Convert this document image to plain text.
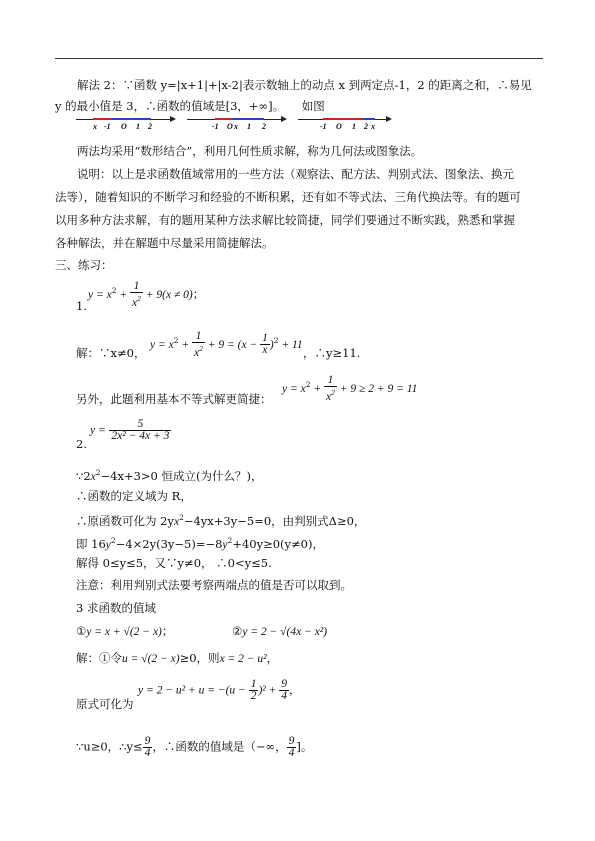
解法 2：∵函数 y=|x+1|+|x-2|表示数轴上的动点 x 到两定点-1，2 的距离之和，∴易见
y 的最小值是 3，∴函数的值域是[3，+∞]。 如图
x -1 O 1 2	-1 O x 1 2	-1 O 1 2 x
两法均采用“数形结合”，利用几何性质求解，称为几何法或图象法。
说明：以上是求函数值域常用的一些方法（观察法、配方法、判别式法、图象法、换元
法等），随着知识的不断学习和经验的不断积累，还有如不等式法、三角代换法等。有的题可
以用多种方法求解，有的题用某种方法求解比较简捷，同学们要通过不断实践，熟悉和掌握
各种解法，并在解题中尽量采用简捷解法。
三、练习：
$y = x^2 + \frac{1}{x^2} + 9(x \ne 0)$；
1.
解：∵x≠0，
$y = x^2 + \frac{1}{x^2} + 9 = (x - \frac{1}{x} )^2 + 11$
，∴y≥11.
另外，此题利用基本不等式解更简捷：
$y = x^2 + \frac{1}{x^2} + 9 \ge 2 + 9 = 11$
$y = \frac{5}{\text{2x² − 4x + 3}}$
2.
$\because 2x^2-4x+3>0$ 恒成立(为什么？)，
∴函数的定义域为 R，
∴原函数可化为 $2yx^2-4yx+3y-5=0$，由判别式Δ≥0，
即 $16y^2-4\times 2y(3y-5)=-8y^2+40y\ge 0(y\ne 0)$，
解得 0≤y≤5，又∵y≠0， ∴0<y≤5.
注意：利用判别式法要考察两端点的值是否可以取到。
3 求函数的值域
①y = x + √(2 − x)；	②y = 2 − √(4x − x²)
解：①令u = √(2 − x)≥0，则x = 2 − u²，
原式可化为
$y = 2 - u^2 + u = -(u - \frac{1}{2} )^2 + \frac{9}{4}$ ，
∵u≥0，∴y≤ $\frac{9}{4}$ ，∴函数的值域是（−∞， $\frac{9}{4}$ ]。
